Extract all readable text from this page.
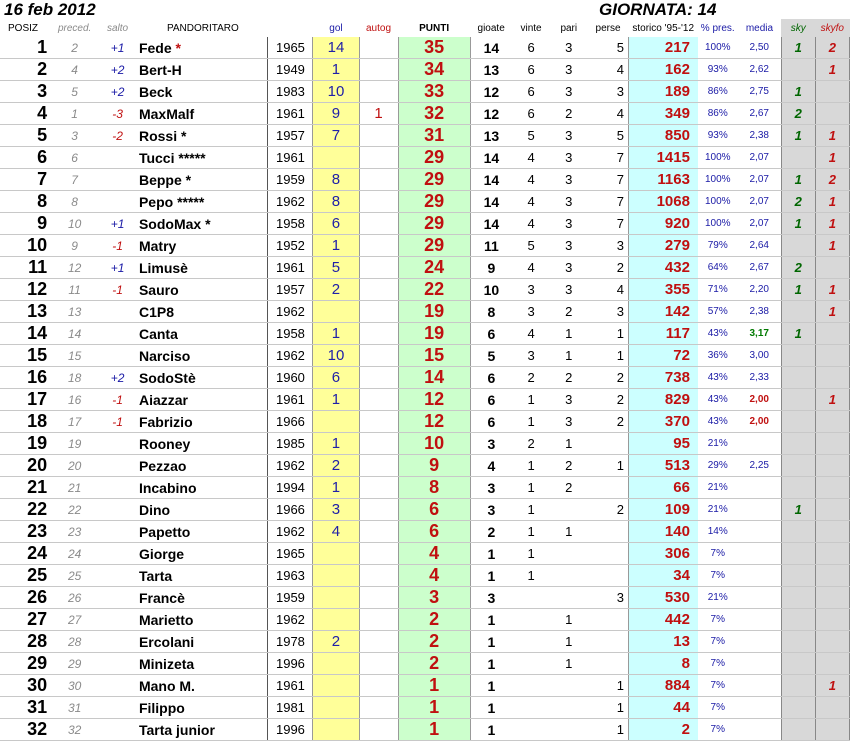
16 feb 2012	GIORNATA: 14
POSIZ	preced.	salto	PANDORITARO		gol	autog	PUNTI	gioate	vinte	pari	perse	storico '95-'12	% pres.	media	sky	skyfo
1	2	+1	Fede *	1965	14		35	14	6	3	5	217	100%	2,50	1	2
2	4	+2	Bert-H	1949	1		34	13	6	3	4	162	93%	2,62		1
3	5	+2	Beck	1983	10		33	12	6	3	3	189	86%	2,75	1	
4	1	-3	MaxMalf	1961	9	1	32	12	6	2	4	349	86%	2,67	2	
5	3	-2	Rossi *	1957	7		31	13	5	3	5	850	93%	2,38	1	1
6	6		Tucci *****	1961			29	14	4	3	7	1415	100%	2,07		1
7	7		Beppe *	1959	8		29	14	4	3	7	1163	100%	2,07	1	2
8	8		Pepo *****	1962	8		29	14	4	3	7	1068	100%	2,07	2	1
9	10	+1	SodoMax *	1958	6		29	14	4	3	7	920	100%	2,07	1	1
10	9	-1	Matry	1952	1		29	11	5	3	3	279	79%	2,64		1
11	12	+1	Limusè	1961	5		24	9	4	3	2	432	64%	2,67	2	
12	11	-1	Sauro	1957	2		22	10	3	3	4	355	71%	2,20	1	1
13	13		C1P8	1962			19	8	3	2	3	142	57%	2,38		1
14	14		Canta	1958	1		19	6	4	1	1	117	43%	3,17	1	
15	15		Narciso	1962	10		15	5	3	1	1	72	36%	3,00		
16	18	+2	SodoStè	1960	6		14	6	2	2	2	738	43%	2,33		
17	16	-1	Aiazzar	1961	1		12	6	1	3	2	829	43%	2,00		1
18	17	-1	Fabrizio	1966			12	6	1	3	2	370	43%	2,00		
19	19		Rooney	1985	1		10	3	2	1		95	21%			
20	20		Pezzao	1962	2		9	4	1	2	1	513	29%	2,25		
21	21		Incabino	1994	1		8	3	1	2		66	21%			
22	22		Dino	1966	3		6	3	1		2	109	21%		1	
23	23		Papetto	1962	4		6	2	1	1		140	14%			
24	24		Giorge	1965			4	1	1			306	7%			
25	25		Tarta	1963			4	1	1			34	7%			
26	26		Francè	1959			3	3			3	530	21%			
27	27		Marietto	1962			2	1		1		442	7%			
28	28		Ercolani	1978	2		2	1		1		13	7%			
29	29		Minizeta	1996			2	1		1		8	7%			
30	30		Mano M.	1961			1	1			1	884	7%			1
31	31		Filippo	1981			1	1			1	44	7%			
32	32		Tarta junior	1996			1	1			1	2	7%			
